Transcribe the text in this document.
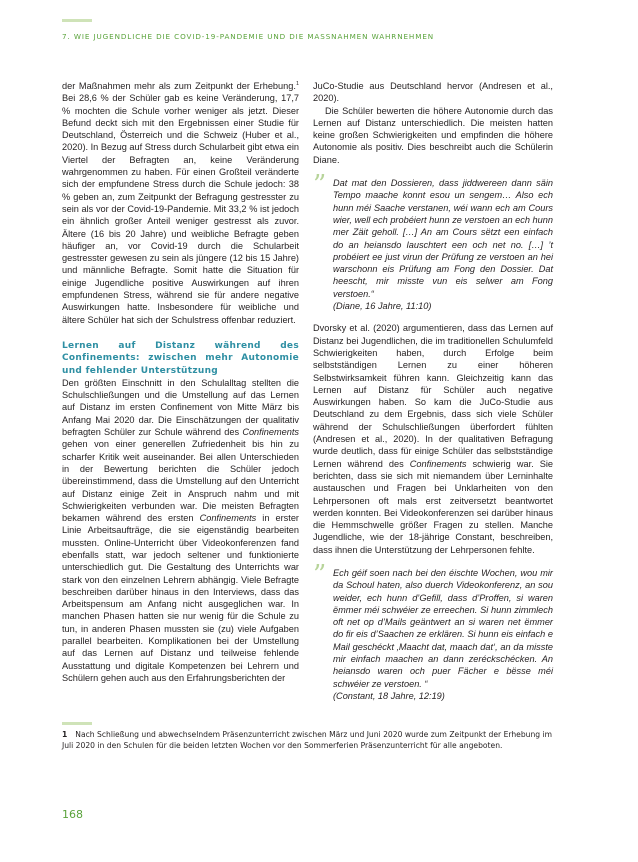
7. WIE JUGENDLICHE DIE COVID-19-PANDEMIE UND DIE MASSNAHMEN WAHRNEHMEN

der Maßnahmen mehr als zum Zeitpunkt der Erhebung.$^1$ Bei 28,6 % der Schüler gab es keine Veränderung, 17,7 % mochten die Schule vorher weniger als jetzt. Dieser Befund deckt sich mit den Ergebnissen einer Studie für Deutschland, Österreich und die Schweiz (Huber et al., 2020). In Bezug auf Stress durch Schularbeit gibt etwa ein Viertel der Befragten an, keine Veränderung wahrgenommen zu haben. Für einen Großteil veränderte sich der empfundene Stress durch die Schule jedoch: 38 % geben an, zum Zeitpunkt der Befragung gestresster zu sein als vor der Covid-19-Pandemie. Mit 33,2 % ist jedoch ein ähnlich großer Anteil weniger gestresst als zuvor. Ältere (16 bis 20 Jahre) und weibliche Befragte geben häufiger an, vor Covid-19 durch die Schularbeit gestresster gewesen zu sein als jüngere (12 bis 15 Jahre) und männliche Befragte. Somit hatte die Situation für einige Jugendliche positive Auswirkungen auf ihren empfundenen Stress, während sie für andere negative Auswirkungen hatte. Insbesondere für weibliche und ältere Schüler hat sich der Schulstress offenbar reduziert.

Lernen auf Distanz während des Confinements: zwischen mehr Autonomie und fehlender Unterstützung

Den größten Einschnitt in den Schulalltag stellten die Schulschließungen und die Umstellung auf das Lernen auf Distanz im ersten Confinement von Mitte März bis Anfang Mai 2020 dar. Die Einschätzungen der qualitativ befragten Schüler zur Schule während des Confinements gehen von einer generellen Zufriedenheit bis hin zu scharfer Kritik weit auseinander. Bei allen Unterschieden in der Bewertung berichten die Schüler jedoch übereinstimmend, dass die Umstellung auf den Unterricht auf Distanz einige Zeit in Anspruch nahm und mit Schwierigkeiten verbunden war. Die meisten Befragten bekamen während des ersten Confinements in erster Linie Arbeitsaufträge, die sie eigenständig bearbeiten mussten. Online-Unterricht über Videokonferenzen fand ebenfalls statt, war jedoch seltener und funktionierte unterschiedlich gut. Die Gestaltung des Unterrichts war stark von den einzelnen Lehrern abhängig. Viele Befragte beschreiben darüber hinaus in den Interviews, dass das Arbeitspensum am Anfang nicht ausgeglichen war. In manchen Phasen hatten sie nur wenig für die Schule zu tun, in anderen Phasen mussten sie (zu) viele Aufgaben parallel bearbeiten. Komplikationen bei der Umstellung auf das Lernen auf Distanz und teilweise fehlende Ausstattung und digitale Kompetenzen bei Lehrern und Schülern gehen auch aus den Erfahrungsberichten der

JuCo-Studie aus Deutschland hervor (Andresen et al., 2020).

Die Schüler bewerten die höhere Autonomie durch das Lernen auf Distanz unterschiedlich. Die meisten hatten keine großen Schwierigkeiten und empfinden die höhere Autonomie als positiv. Dies beschreibt auch die Schülerin Diane.

” Dat mat den Dossieren, dass jiddwereen dann säin Tempo maache konnt esou un sengem… Also ech hunn méi Saache verstanen, wéi wann ech am Cours wier, well ech probéiert hunn ze verstoen an ech hunn mer Zäit geholl. […] An am Cours sëtzt een einfach do an heiansdo lauschtert een och net no. […] ’t probéiert ee just virun der Prüfung ze verstoen an hei warschonn eis Prüfung am Fong den Dossier. Dat heescht, mir misste vun eis selwer am Fong verstoen.“
(Diane, 16 Jahre, 11:10)

Dvorsky et al. (2020) argumentieren, dass das Lernen auf Distanz bei Jugendlichen, die im traditionellen Schulumfeld Schwierigkeiten haben, durch Erfolge beim selbstständigen Lernen zu einer höheren Selbstwirksamkeit führen kann. Gleichzeitig kann das Lernen auf Distanz für Schüler auch negative Auswirkungen haben. So kam die JuCo-Studie aus Deutschland zu dem Ergebnis, dass sich viele Schüler während der Schulschließungen überfordert fühlten (Andresen et al., 2020). In der qualitativen Befragung wurde deutlich, dass für einige Schüler das selbstständige Lernen während des Confinements schwierig war. Sie berichten, dass sie sich mit niemandem über Lerninhalte austauschen und Fragen bei Unklarheiten von den Lehrpersonen oft mals erst zeitversetzt beantwortet werden konnten. Bei Videokonferenzen sei darüber hinaus die Hemmschwelle größer Fragen zu stellen. Manche Jugendliche, wie der 18-jährige Constant, beschreiben, dass ihnen die Unterstützung der Lehrpersonen fehlte.

” Ech géif soen nach bei den éischte Wochen, wou mir da Schoul haten, also duerch Videokonferenz, an sou weider, ech hunn d’Gefill, dass d’Proffen, si waren ëmmer méi schwéier ze erreechen. Si hunn zimmlech oft net op d’Mails geäntwert an si waren net ëmmer do fir eis d’Saachen ze erklären. Si hunn eis einfach e Mail geschéckt ‚Maacht dat, maach dat‘, an da misste mir einfach maachen an dann zeréckschécken. An heiansdo waren och puer Fächer e bësse méi schwéier ze verstoen. “
(Constant, 18 Jahre, 12:19)
1 Nach Schließung und abwechselndem Präsenzunterricht zwischen März und Juni 2020 wurde zum Zeitpunkt der Erhebung im Juli 2020 in den Schulen für die beiden letzten Wochen vor den Sommerferien Präsenzunterricht für alle angeboten.
168
